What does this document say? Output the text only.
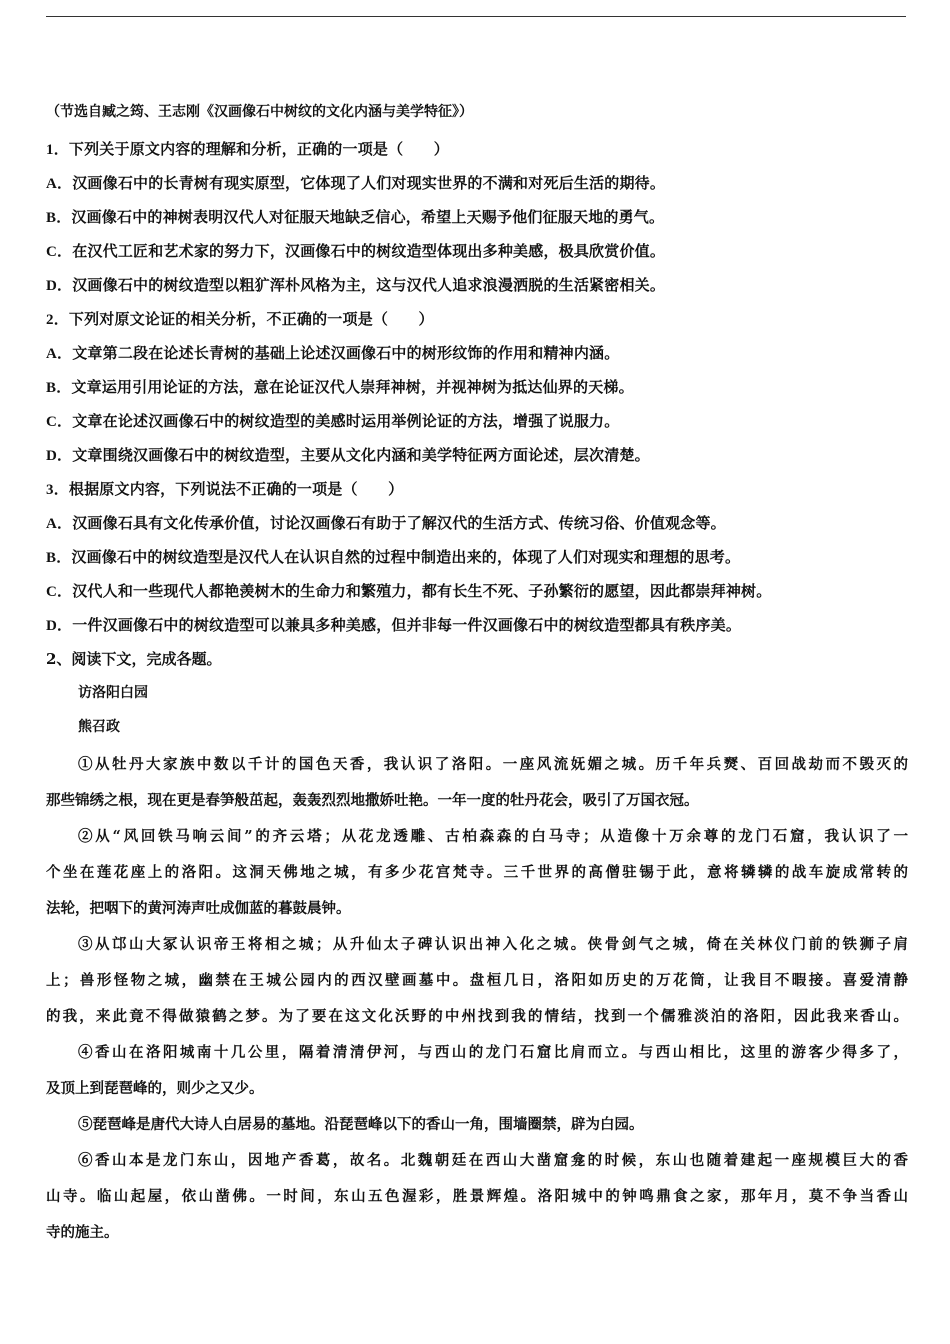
（节选自臧之筠、王志刚《汉画像石中树纹的文化内涵与美学特征》）
1．下列关于原文内容的理解和分析，正确的一项是（　　）
A．汉画像石中的长青树有现实原型，它体现了人们对现实世界的不满和对死后生活的期待。
B．汉画像石中的神树表明汉代人对征服天地缺乏信心，希望上天赐予他们征服天地的勇气。
C．在汉代工匠和艺术家的努力下，汉画像石中的树纹造型体现出多种美感，极具欣赏价值。
D．汉画像石中的树纹造型以粗犷浑朴风格为主，这与汉代人追求浪漫洒脱的生活紧密相关。
2．下列对原文论证的相关分析，不正确的一项是（　　）
A．文章第二段在论述长青树的基础上论述汉画像石中的树形纹饰的作用和精神内涵。
B．文章运用引用论证的方法，意在论证汉代人崇拜神树，并视神树为抵达仙界的天梯。
C．文章在论述汉画像石中的树纹造型的美感时运用举例论证的方法，增强了说服力。
D．文章围绕汉画像石中的树纹造型，主要从文化内涵和美学特征两方面论述，层次清楚。
3．根据原文内容，下列说法不正确的一项是（　　）
A．汉画像石具有文化传承价值，讨论汉画像石有助于了解汉代的生活方式、传统习俗、价值观念等。
B．汉画像石中的树纹造型是汉代人在认识自然的过程中制造出来的，体现了人们对现实和理想的思考。
C．汉代人和一些现代人都艳羡树木的生命力和繁殖力，都有长生不死、子孙繁衍的愿望，因此都崇拜神树。
D．一件汉画像石中的树纹造型可以兼具多种美感，但并非每一件汉画像石中的树纹造型都具有秩序美。
2、阅读下文，完成各题。
访洛阳白园
熊召政
①从牡丹大家族中数以千计的国色天香，我认识了洛阳。一座风流妩媚之城。历千年兵燹、百回战劫而不毁灭的
那些锦绣之根，现在更是春笋般茁起，轰轰烈烈地撒娇吐艳。一年一度的牡丹花会，吸引了万国衣冠。
②从“风回铁马响云间”的齐云塔；从花龙透雕、古柏森森的白马寺；从造像十万余尊的龙门石窟，我认识了一
个坐在莲花座上的洛阳。这洞天佛地之城，有多少花宫梵寺。三千世界的高僧驻锡于此，意将辚辚的战车旋成常转的
法轮，把咽下的黄河涛声吐成伽蓝的暮鼓晨钟。
③从邙山大冢认识帝王将相之城；从升仙太子碑认识出神入化之城。侠骨剑气之城，倚在关林仪门前的铁狮子肩
上；兽形怪物之城，幽禁在王城公园内的西汉壁画墓中。盘桓几日，洛阳如历史的万花筒，让我目不暇接。喜爱清静
的我，来此竟不得做猿鹤之梦。为了要在这文化沃野的中州找到我的情结，找到一个儒雅淡泊的洛阳，因此我来香山。
④香山在洛阳城南十几公里，隔着清清伊河，与西山的龙门石窟比肩而立。与西山相比，这里的游客少得多了，
及顶上到琵琶峰的，则少之又少。
⑤琵琶峰是唐代大诗人白居易的墓地。沿琵琶峰以下的香山一角，围墙圈禁，辟为白园。
⑥香山本是龙门东山，因地产香葛，故名。北魏朝廷在西山大凿窟龛的时候，东山也随着建起一座规模巨大的香
山寺。临山起屋，依山凿佛。一时间，东山五色渥彩，胜景辉煌。洛阳城中的钟鸣鼎食之家，那年月，莫不争当香山
寺的施主。
